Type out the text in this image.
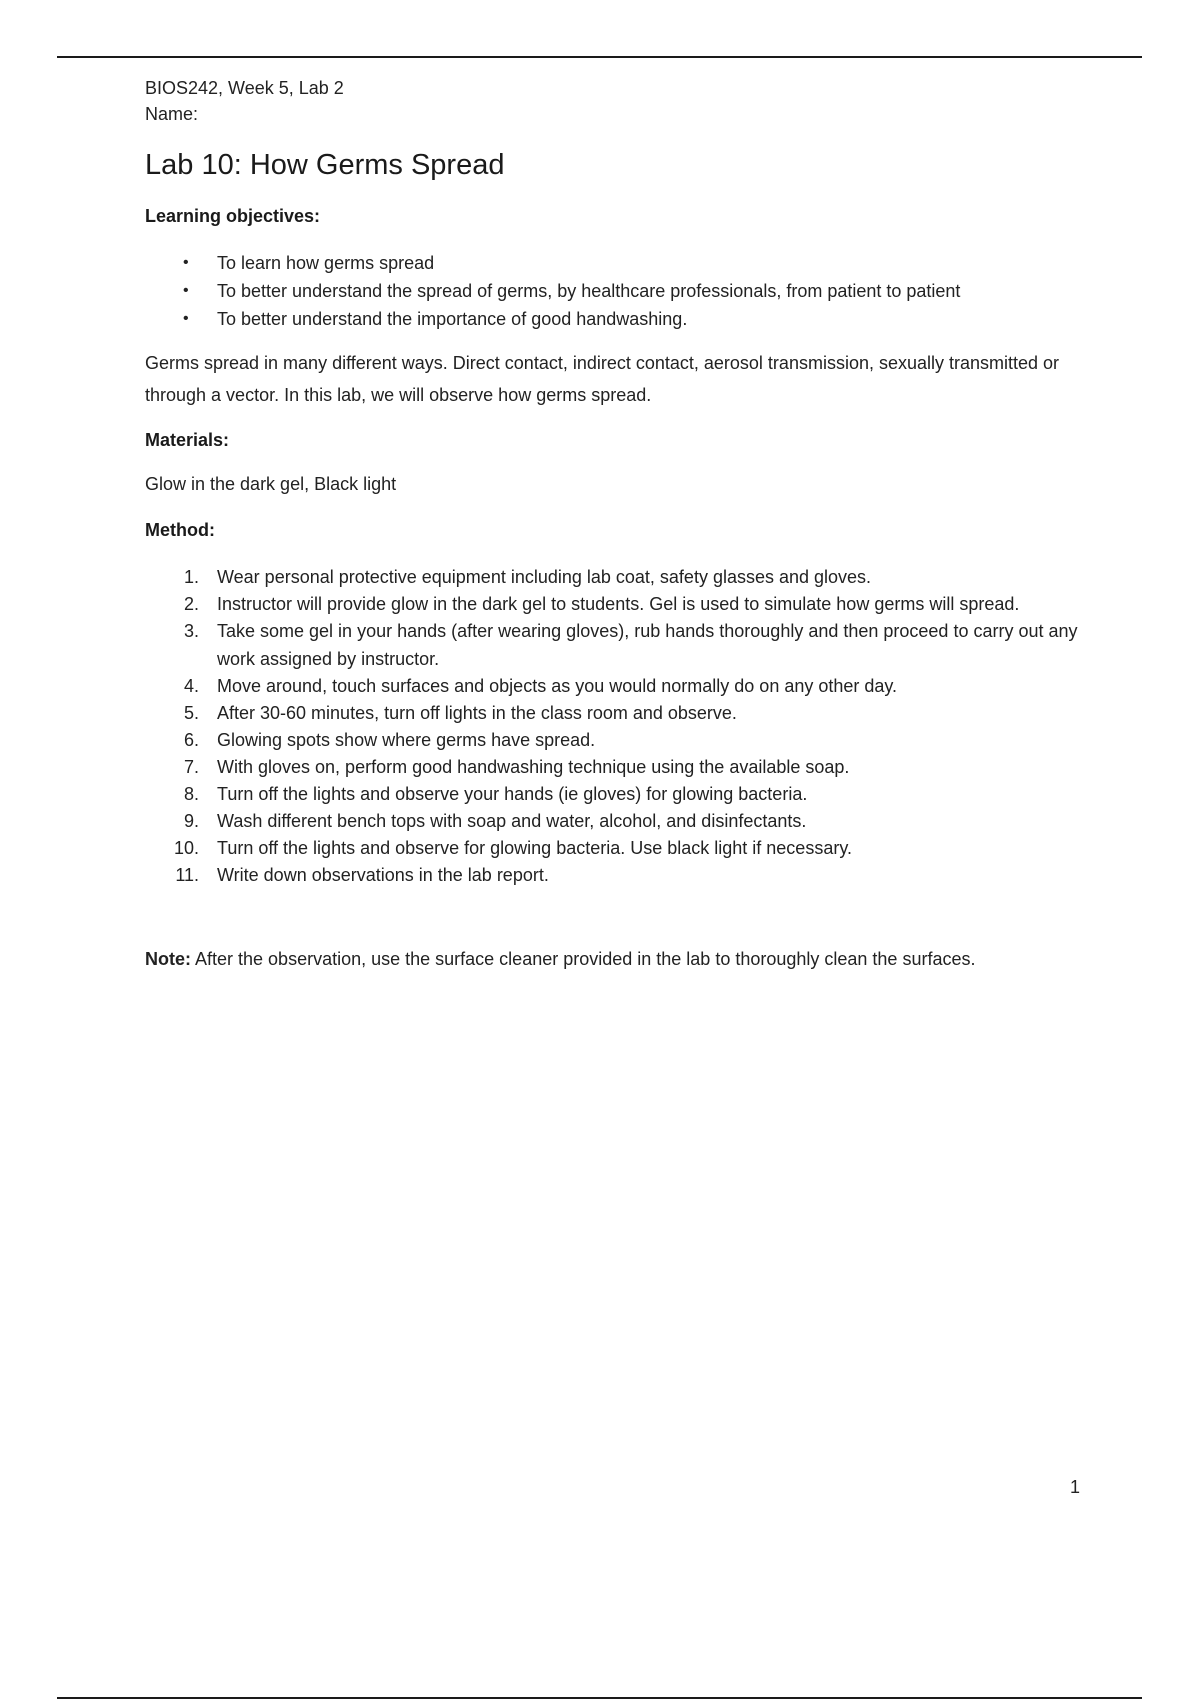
BIOS242, Week 5, Lab 2

Name:

Lab 10: How Germs Spread

Learning objectives:

• To learn how germs spread
• To better understand the spread of germs, by healthcare professionals, from patient to patient
• To better understand the importance of good handwashing.

Germs spread in many different ways. Direct contact, indirect contact, aerosol transmission, sexually transmitted or through a vector. In this lab, we will observe how germs spread.

Materials:

Glow in the dark gel, Black light

Method:

1. Wear personal protective equipment including lab coat, safety glasses and gloves.
2. Instructor will provide glow in the dark gel to students. Gel is used to simulate how germs will spread.
3. Take some gel in your hands (after wearing gloves), rub hands thoroughly and then proceed to carry out any work assigned by instructor.
4. Move around, touch surfaces and objects as you would normally do on any other day.
5. After 30-60 minutes, turn off lights in the class room and observe.
6. Glowing spots show where germs have spread.
7. With gloves on, perform good handwashing technique using the available soap.
8. Turn off the lights and observe your hands (ie gloves) for glowing bacteria.
9. Wash different bench tops with soap and water, alcohol, and disinfectants.
10. Turn off the lights and observe for glowing bacteria. Use black light if necessary.
11. Write down observations in the lab report.

Note: After the observation, use the surface cleaner provided in the lab to thoroughly clean the surfaces.

1
